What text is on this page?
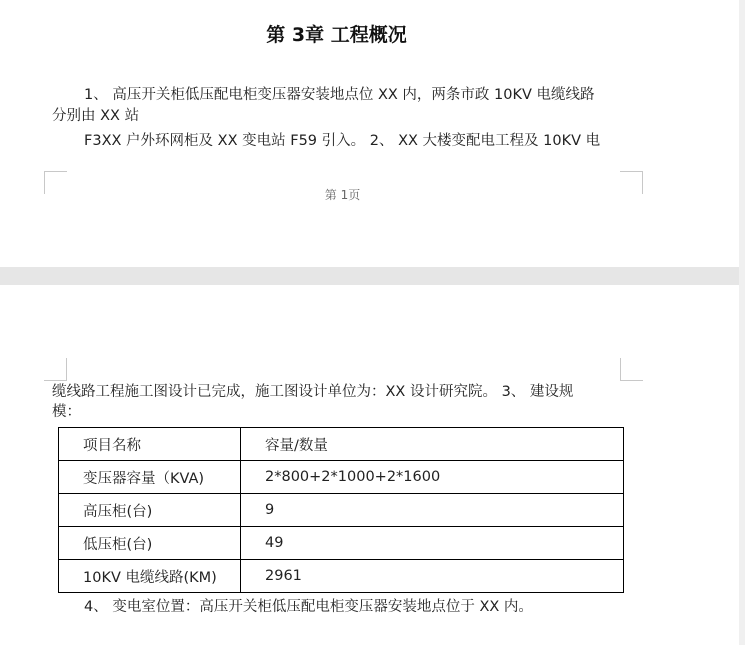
第 3章 工程概况
1、 高压开关柜低压配电柜变压器安装地点位 XX 内，两条市政 10KV 电缆线路
分别由 XX 站
F3XX 户外环网柜及 XX 变电站 F59 引入。 2、 XX 大楼变配电工程及 10KV 电
第 1页
缆线路工程施工图设计已完成，施工图设计单位为：XX 设计研究院。 3、 建设规
模：
项目名称	容量/数量
变压器容量（KVA)	2*800+2*1000+2*1600
高压柜(台)	9
低压柜(台)	49
10KV 电缆线路(KM)	2961
4、 变电室位置：高压开关柜低压配电柜变压器安装地点位于 XX 内。
